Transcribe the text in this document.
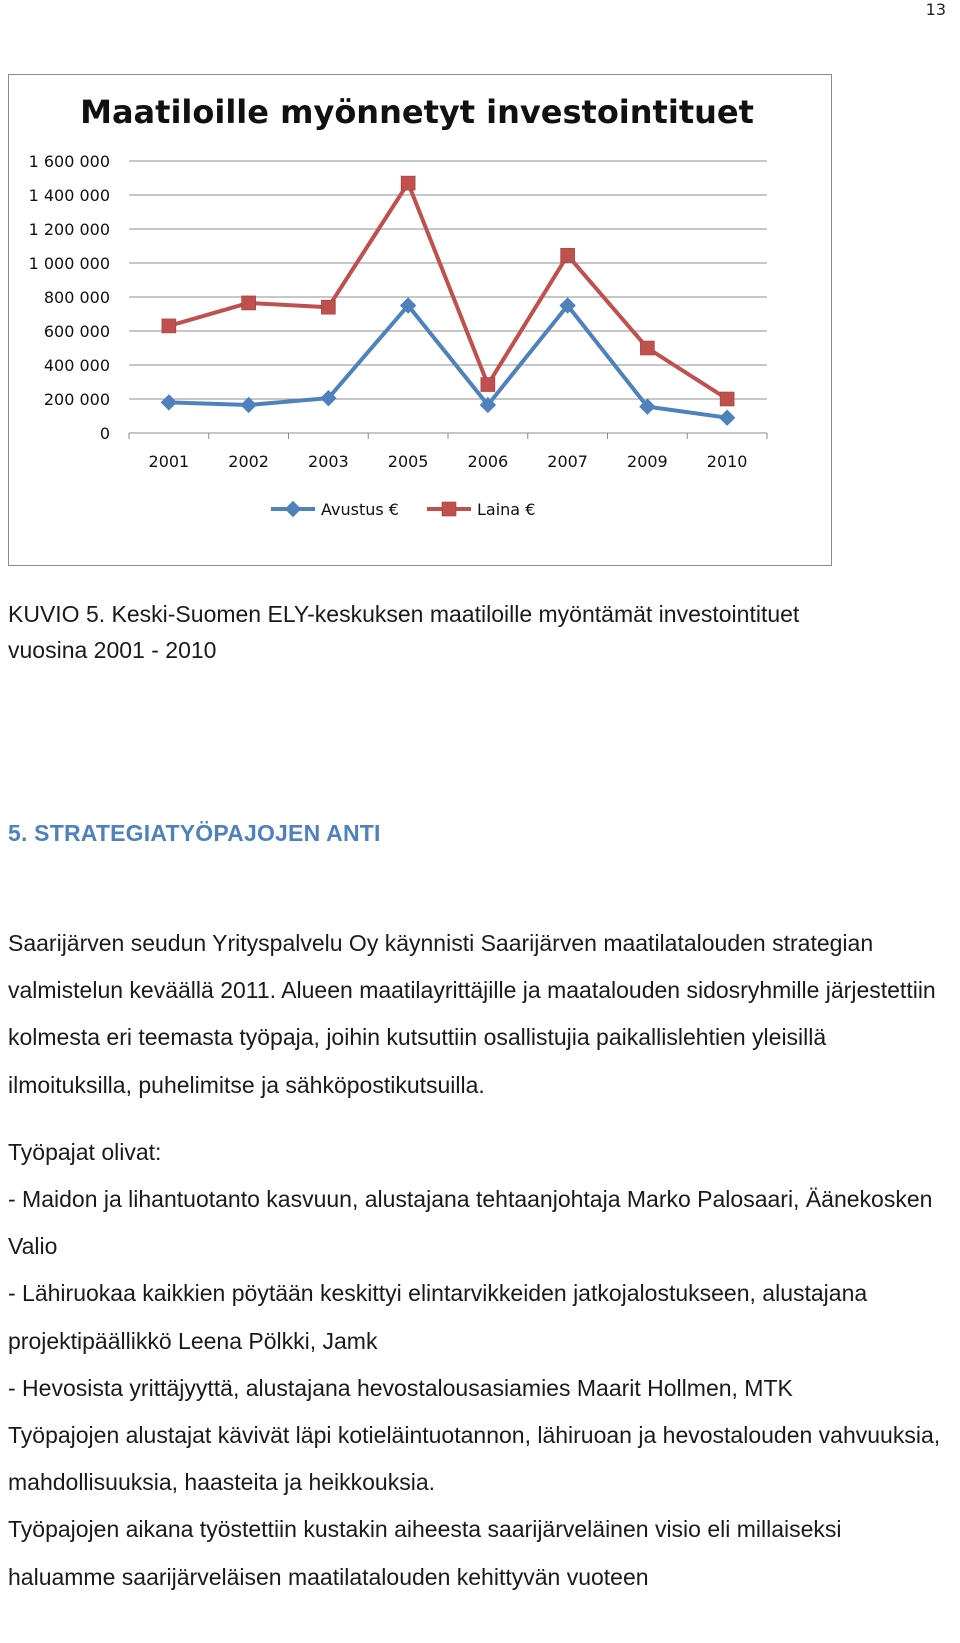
13
Maatiloille myönnetyt investointituet
0
200 000
400 000
600 000
800 000
1 000 000
1 200 000
1 400 000
1 600 000
2001 2002 2003 2005 2006 2007 2009 2010
Avustus €	Laina €
KUVIO 5. Keski-Suomen ELY-keskuksen maatiloille myöntämät investointituet
vuosina 2001 - 2010
5. STRATEGIATYÖPAJOJEN ANTI

Saarijärven seudun Yrityspalvelu Oy käynnisti Saarijärven maatilatalouden strategian valmistelun keväällä 2011. Alueen maatilayrittäjille ja maatalouden sidosryhmille järjestettiin kolmesta eri teemasta työpaja, joihin kutsuttiin osallistujia paikallislehtien yleisillä ilmoituksilla, puhelimitse ja sähköpostikutsuilla.

Työpajat olivat:

- Maidon ja lihantuotanto kasvuun, alustajana tehtaanjohtaja Marko Palosaari, Äänekosken Valio

- Lähiruokaa kaikkien pöytään keskittyi elintarvikkeiden jatkojalostukseen, alustajana projektipäällikkö Leena Pölkki, Jamk

- Hevosista yrittäjyyttä, alustajana hevostalousasiamies Maarit Hollmen, MTK

Työpajojen alustajat kävivät läpi kotieläintuotannon, lähiruoan ja hevostalouden vahvuuksia, mahdollisuuksia, haasteita ja heikkouksia.

Työpajojen aikana työstettiin kustakin aiheesta saarijärveläinen visio eli millaiseksi haluamme saarijärveläisen maatilatalouden kehittyvän vuoteen
